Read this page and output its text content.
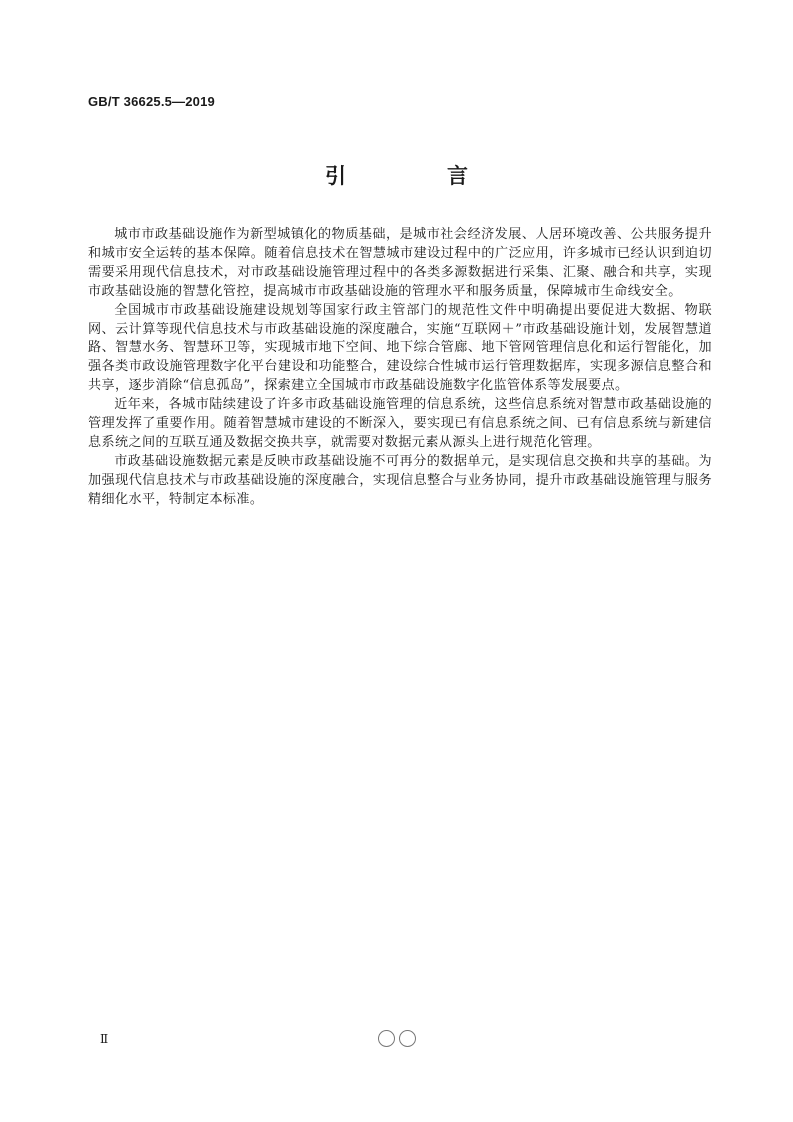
GB/T 36625.5—2019
引　言

城市市政基础设施作为新型城镇化的物质基础，是城市社会经济发展、人居环境改善、公共服务提升和城市安全运转的基本保障。随着信息技术在智慧城市建设过程中的广泛应用，许多城市已经认识到迫切需要采用现代信息技术，对市政基础设施管理过程中的各类多源数据进行采集、汇聚、融合和共享，实现市政基础设施的智慧化管控，提高城市市政基础设施的管理水平和服务质量，保障城市生命线安全。

全国城市市政基础设施建设规划等国家行政主管部门的规范性文件中明确提出要促进大数据、物联网、云计算等现代信息技术与市政基础设施的深度融合，实施“互联网＋”市政基础设施计划，发展智慧道路、智慧水务、智慧环卫等，实现城市地下空间、地下综合管廊、地下管网管理信息化和运行智能化，加强各类市政设施管理数字化平台建设和功能整合，建设综合性城市运行管理数据库，实现多源信息整合和共享，逐步消除“信息孤岛”，探索建立全国城市市政基础设施数字化监管体系等发展要点。

近年来，各城市陆续建设了许多市政基础设施管理的信息系统，这些信息系统对智慧市政基础设施的管理发挥了重要作用。随着智慧城市建设的不断深入，要实现已有信息系统之间、已有信息系统与新建信息系统之间的互联互通及数据交换共享，就需要对数据元素从源头上进行规范化管理。

市政基础设施数据元素是反映市政基础设施不可再分的数据单元，是实现信息交换和共享的基础。为加强现代信息技术与市政基础设施的深度融合，实现信息整合与业务协同，提升市政基础设施管理与服务精细化水平，特制定本标准。

Ⅱ
